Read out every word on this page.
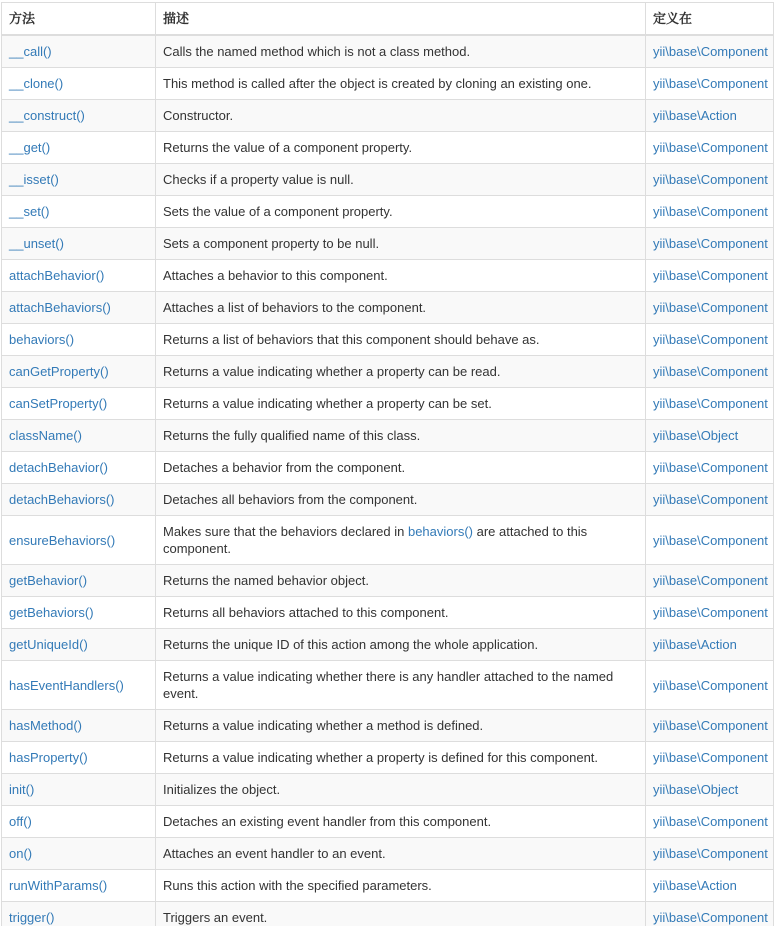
方法	描述	定义在
__call()	Calls the named method which is not a class method.	yii\base\Component
__clone()	This method is called after the object is created by cloning an existing one.	yii\base\Component
__construct()	Constructor.	yii\base\Action
__get()	Returns the value of a component property.	yii\base\Component
__isset()	Checks if a property value is null.	yii\base\Component
__set()	Sets the value of a component property.	yii\base\Component
__unset()	Sets a component property to be null.	yii\base\Component
attachBehavior()	Attaches a behavior to this component.	yii\base\Component
attachBehaviors()	Attaches a list of behaviors to the component.	yii\base\Component
behaviors()	Returns a list of behaviors that this component should behave as.	yii\base\Component
canGetProperty()	Returns a value indicating whether a property can be read.	yii\base\Component
canSetProperty()	Returns a value indicating whether a property can be set.	yii\base\Component
className()	Returns the fully qualified name of this class.	yii\base\Object
detachBehavior()	Detaches a behavior from the component.	yii\base\Component
detachBehaviors()	Detaches all behaviors from the component.	yii\base\Component
ensureBehaviors()	Makes sure that the behaviors declared in behaviors() are attached to this component.	yii\base\Component
getBehavior()	Returns the named behavior object.	yii\base\Component
getBehaviors()	Returns all behaviors attached to this component.	yii\base\Component
getUniqueId()	Returns the unique ID of this action among the whole application.	yii\base\Action
hasEventHandlers()	Returns a value indicating whether there is any handler attached to the named event.	yii\base\Component
hasMethod()	Returns a value indicating whether a method is defined.	yii\base\Component
hasProperty()	Returns a value indicating whether a property is defined for this component.	yii\base\Component
init()	Initializes the object.	yii\base\Object
off()	Detaches an existing event handler from this component.	yii\base\Component
on()	Attaches an event handler to an event.	yii\base\Component
runWithParams()	Runs this action with the specified parameters.	yii\base\Action
trigger()	Triggers an event.	yii\base\Component
